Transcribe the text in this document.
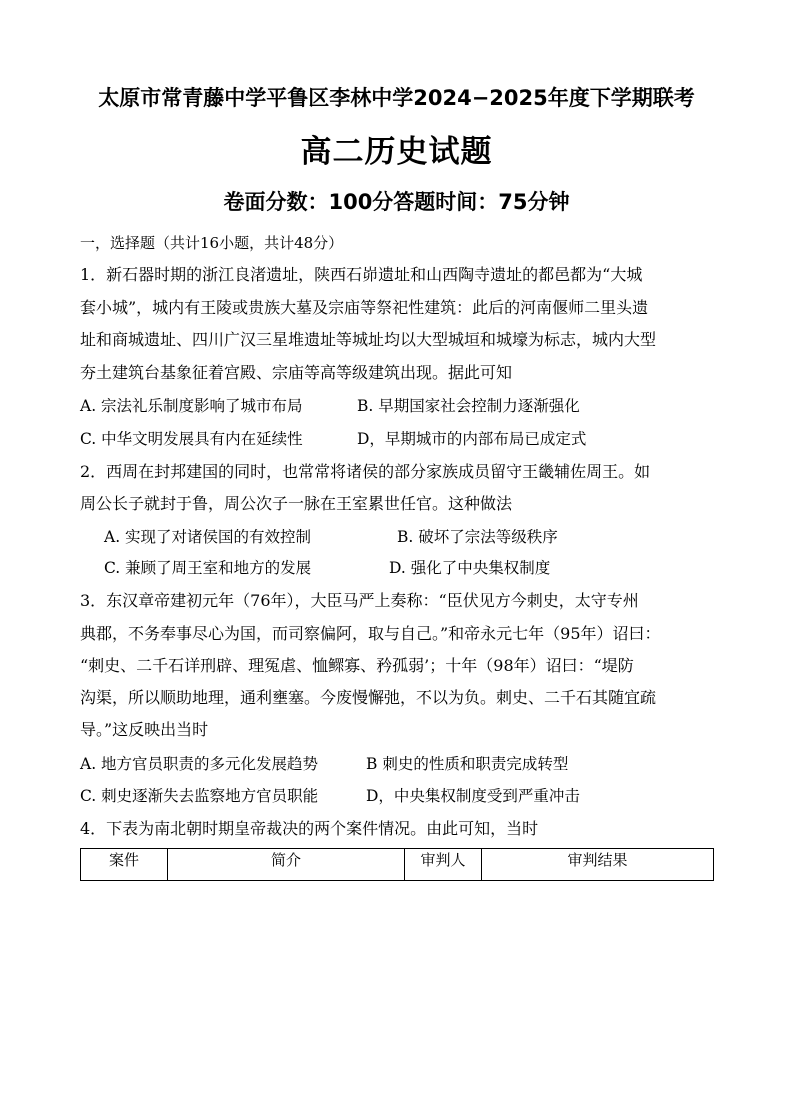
太原市常青藤中学平鲁区李林中学2024−2025年度下学期联考
高二历史试题
卷面分数：100分答题时间：75分钟
一，选择题（共计16小题，共计48分）
1．新石器时期的浙江良渚遗址，陕西石峁遗址和山西陶寺遗址的都邑都为“大城
套小城”，城内有王陵或贵族大墓及宗庙等祭祀性建筑：此后的河南偃师二里头遗
址和商城遗址、四川广汉三星堆遗址等城址均以大型城垣和城壕为标志，城内大型
夯土建筑台基象征着宫殿、宗庙等高等级建筑出现。据此可知
A. 宗法礼乐制度影响了城市布局	B. 早期国家社会控制力逐渐强化
C. 中华文明发展具有内在延续性	D，早期城市的内部布局已成定式
2．西周在封邦建国的同时，也常常将诸侯的部分家族成员留守王畿辅佐周王。如
周公长子就封于鲁，周公次子一脉在王室累世任官。这种做法
A. 实现了对诸侯国的有效控制	B. 破坏了宗法等级秩序
C. 兼顾了周王室和地方的发展	D. 强化了中央集权制度
3．东汉章帝建初元年（76年），大臣马严上奏称：“臣伏见方今刺史，太守专州
典郡，不务奉事尽心为国，而司察偏阿，取与自己。”和帝永元七年（95年）诏曰：
“刺史、二千石详刑辟、理冤虐、恤鳏寡、矜孤弱’；十年（98年）诏曰：“堤防
沟渠，所以顺助地理，通利壅塞。今废慢懈弛，不以为负。刺史、二千石其随宜疏
导。”这反映出当时
A. 地方官员职责的多元化发展趋势	B 刺史的性质和职责完成转型
C. 刺史逐渐失去监察地方官员职能	D，中央集权制度受到严重冲击
4．下表为南北朝时期皇帝裁决的两个案件情况。由此可知，当时
案件	简介	审判人	审判结果
